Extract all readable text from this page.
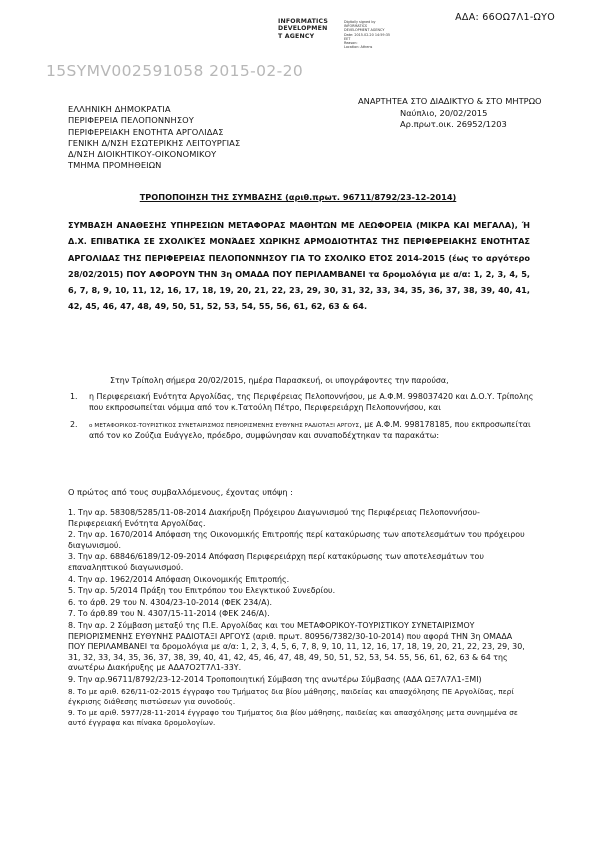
ΑΔΑ: 66ΟΩ7Λ1-ΩΥΟ
INFORMATICS
DEVELOPMEN
T AGENCY
Digitally signed by
INFORMATICS
DEVELOPMENT AGENCY
Date: 2015.02.20 14:59:35
EET
Reason:
Location: Athens
15SYMV002591058 2015-02-20
ΕΛΛΗΝΙΚΗ ΔΗΜΟΚΡΑΤΙΑ
ΠΕΡΙΦΕΡΕΙΑ ΠΕΛΟΠΟΝΝΗΣΟΥ
ΠΕΡΙΦΕΡΕΙΑΚΗ ΕΝΟΤΗΤΑ ΑΡΓΟΛΙΔΑΣ
ΓΕΝΙΚΗ Δ/ΝΣΗ ΕΣΩΤΕΡΙΚΗΣ ΛΕΙΤΟΥΡΓΙΑΣ
Δ/ΝΣΗ ΔΙΟΙΚΗΤΙΚΟΥ-ΟΙΚΟΝΟΜΙΚΟΥ
ΤΜΗΜΑ ΠΡΟΜΗΘΕΙΩΝ
ΑΝΑΡΤΗΤΕΑ ΣΤΟ ΔΙΑΔΙΚΤΥΟ & ΣΤΟ ΜΗΤΡΩΟ
Ναύπλιο, 20/02/2015
Αρ.πρωτ.οικ. 26952/1203
ΤΡΟΠΟΠΟΙΗΣΗ ΤΗΣ ΣΥΜΒΑΣΗΣ (αριθ.πρωτ. 96711/8792/23-12-2014)
ΣΥΜΒΑΣΗ ΑΝΑΘΕΣΗΣ ΥΠΗΡΕΣΙΩΝ ΜΕΤΑΦΟΡΑΣ ΜΑΘΗΤΩΝ ΜΕ ΛΕΩΦΟΡΕΙΑ (ΜΙΚΡΑ ΚΑΙ ΜΕΓΑΛΑ), Ή Δ.Χ. ΕΠΙΒΑΤΙΚΑ ΣΕ ΣΧΟΛΙΚΈΣ ΜΟΝΆΔΕΣ ΧΩΡΙΚΗΣ ΑΡΜΟΔΙΟΤΗΤΑΣ ΤΗΣ ΠΕΡΙΦΕΡΕΙΑΚΗΣ ΕΝΟΤΗΤΑΣ ΑΡΓΟΛΙΔΑΣ ΤΗΣ ΠΕΡΙΦΕΡΕΙΑΣ ΠΕΛΟΠΟΝΝΗΣΟΥ ΓΙΑ ΤΟ ΣΧΟΛΙΚΟ ΕΤΟΣ 2014-2015 (έως το αργότερο 28/02/2015) ΠΟΥ ΑΦΟΡΟΥΝ ΤΗΝ 3η ΟΜΑΔΑ ΠΟΥ ΠΕΡΙΛΑΜΒΑΝΕΙ τα δρομολόγια με α/α: 1, 2, 3, 4, 5, 6, 7, 8, 9, 10, 11, 12, 16, 17, 18, 19, 20, 21, 22, 23, 29, 30, 31, 32, 33, 34, 35, 36, 37, 38, 39, 40, 41, 42, 45, 46, 47, 48, 49, 50, 51, 52, 53, 54, 55, 56, 61, 62, 63 & 64.
Στην Τρίπολη σήμερα 20/02/2015, ημέρα Παρασκευή, οι υπογράφοντες την παρούσα,
1.	η Περιφερειακή Ενότητα Αργολίδας, της Περιφέρειας Πελοποννήσου, με Α.Φ.Μ. 998037420 και Δ.Ο.Υ. Τρίπολης που εκπροσωπείται νόμιμα από τον κ.Τατούλη Πέτρο, Περιφερειάρχη Πελοποννήσου, και
2.	ο ΜΕΤΑΦΟΡΙΚΟΣ-ΤΟΥΡΙΣΤΙΚΟΣ ΣΥΝΕΤΑΙΡΙΣΜΟΣ ΠΕΡΙΟΡΙΣΜΕΝΗΣ ΕΥΘΥΝΗΣ ΡΑΔΙΟΤΑΞΙ ΑΡΓΟΥΣ, με Α.Φ.Μ. 998178185, που εκπροσωπείται από τον κο Ζούζια Ευάγγελο, πρόεδρο, συμφώνησαν και συναποδέχτηκαν τα παρακάτω:
Ο πρώτος από τους συμβαλλόμενους, έχοντας υπόψη :
1. Την αρ. 58308/5285/11-08-2014 Διακήρυξη Πρόχειρου Διαγωνισμού της Περιφέρειας Πελοποννήσου-Περιφερειακή Ενότητα Αργολίδας.
2. Την αρ. 1670/2014 Απόφαση της Οικονομικής Επιτροπής περί κατακύρωσης των αποτελεσμάτων του πρόχειρου διαγωνισμού.
3. Την αρ. 68846/6189/12-09-2014 Απόφαση Περιφερειάρχη περί κατακύρωσης των αποτελεσμάτων του επαναληπτικού διαγωνισμού.
4. Την αρ. 1962/2014 Απόφαση Οικονομικής Επιτροπής.
5. Την αρ. 5/2014 Πράξη του Επιτρόπου του Ελεγκτικού Συνεδρίου.
6. το άρθ. 29 του Ν. 4304/23-10-2014 (ΦΕΚ 234/Α).
7. Το άρθ.89 του Ν. 4307/15-11-2014 (ΦΕΚ 246/Α).
8. Την αρ. 2 Σύμβαση μεταξύ της Π.Ε. Αργολίδας και του ΜΕΤΑΦΟΡΙΚΟΥ-ΤΟΥΡΙΣΤΙΚΟΥ ΣΥΝΕΤΑΙΡΙΣΜΟΥ ΠΕΡΙΟΡΙΣΜΕΝΗΣ ΕΥΘΥΝΗΣ ΡΑΔΙΟΤΑΞΙ ΑΡΓΟΥΣ (αριθ. πρωτ. 80956/7382/30-10-2014) που αφορά ΤΗΝ 3η ΟΜΑΔΑ ΠΟΥ ΠΕΡΙΛΑΜΒΑΝΕΙ τα δρομολόγια με α/α: 1, 2, 3, 4, 5, 6, 7, 8, 9, 10, 11, 12, 16, 17, 18, 19, 20, 21, 22, 23, 29, 30, 31, 32, 33, 34, 35, 36, 37, 38, 39, 40, 41, 42, 45, 46, 47, 48, 49, 50, 51, 52, 53, 54. 55, 56, 61, 62, 63 & 64 της ανωτέρω Διακήρυξης με ΑΔΑ7Ο2Τ7Λ1-33Υ.
9. Την αρ.96711/8792/23-12-2014 Τροποποιητική Σύμβαση της ανωτέρω Σύμβασης (ΑΔΑ ΩΞ7Λ7Λ1-ΞΜΙ)
8. Το με αριθ. 626/11-02-2015 έγγραφο του Τμήματος δια βίου μάθησης, παιδείας και απασχόλησης ΠΕ Αργολίδας, περί έγκρισης διάθεσης πιστώσεων για συνοδούς.
9. Το με αριθ. 5977/28-11-2014 έγγραφο του Τμήματος δια βίου μάθησης, παιδείας και απασχόλησης μετα συνημμένα σε αυτό έγγραφα και πίνακα δρομολογίων.
